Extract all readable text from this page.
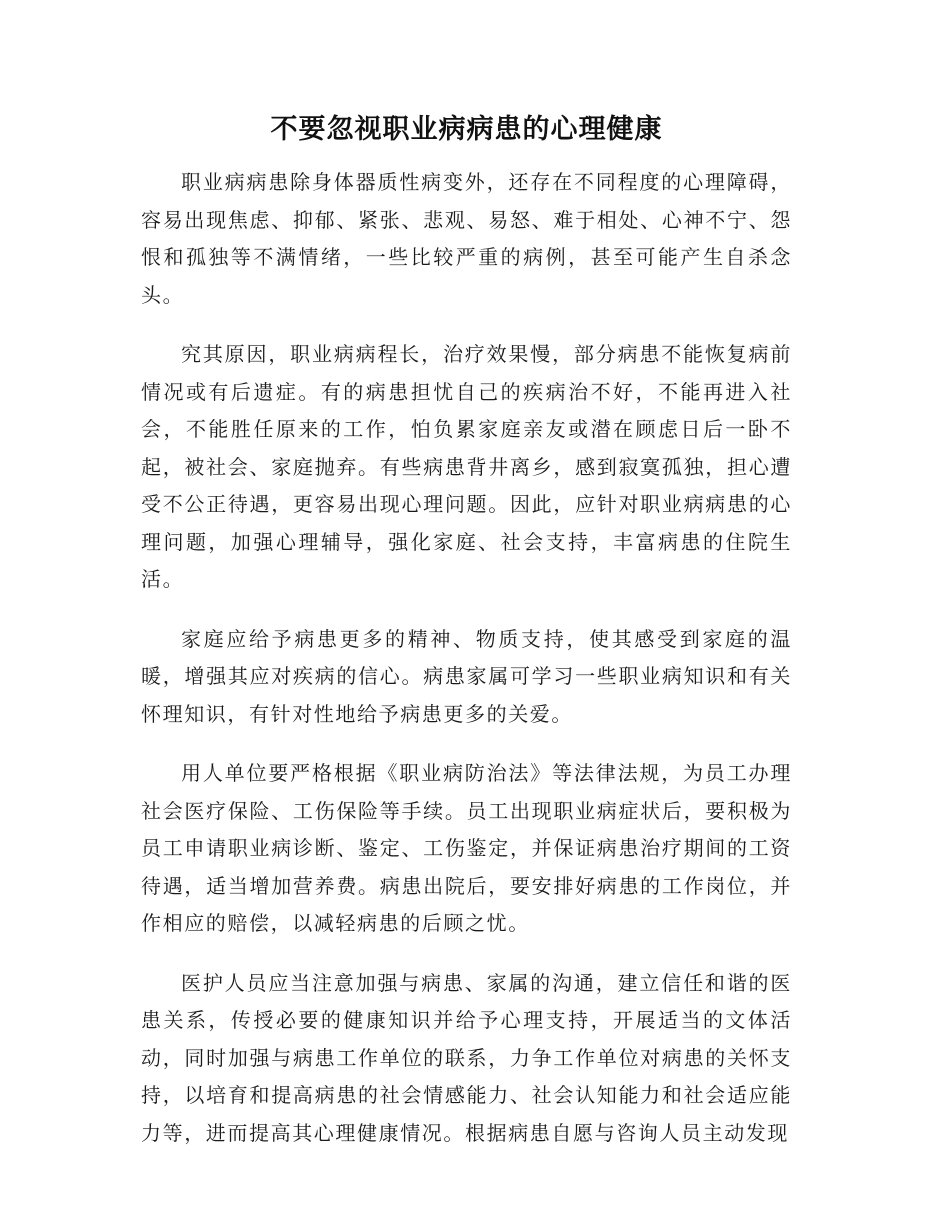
不要忽视职业病病患的心理健康

职业病病患除身体器质性病变外，还存在不同程度的心理障碍，容易出现焦虑、抑郁、紧张、悲观、易怒、难于相处、心神不宁、怨恨和孤独等不满情绪，一些比较严重的病例，甚至可能产生自杀念头。

究其原因，职业病病程长，治疗效果慢，部分病患不能恢复病前情况或有后遗症。有的病患担忧自己的疾病治不好，不能再进入社会，不能胜任原来的工作，怕负累家庭亲友或潜在顾虑日后一卧不起，被社会、家庭抛弃。有些病患背井离乡，感到寂寞孤独，担心遭受不公正待遇，更容易出现心理问题。因此，应针对职业病病患的心理问题，加强心理辅导，强化家庭、社会支持，丰富病患的住院生活。

家庭应给予病患更多的精神、物质支持，使其感受到家庭的温暖，增强其应对疾病的信心。病患家属可学习一些职业病知识和有关怀理知识，有针对性地给予病患更多的关爱。

用人单位要严格根据《职业病防治法》等法律法规，为员工办理社会医疗保险、工伤保险等手续。员工出现职业病症状后，要积极为员工申请职业病诊断、鉴定、工伤鉴定，并保证病患治疗期间的工资待遇，适当增加营养费。病患出院后，要安排好病患的工作岗位，并作相应的赔偿，以减轻病患的后顾之忧。

医护人员应当注意加强与病患、家属的沟通，建立信任和谐的医患关系，传授必要的健康知识并给予心理支持，开展适当的文体活动，同时加强与病患工作单位的联系，力争工作单位对病患的关怀支持，以培育和提高病患的社会情感能力、社会认知能力和社会适应能力等，进而提高其心理健康情况。根据病患自愿与咨询人员主动发现
